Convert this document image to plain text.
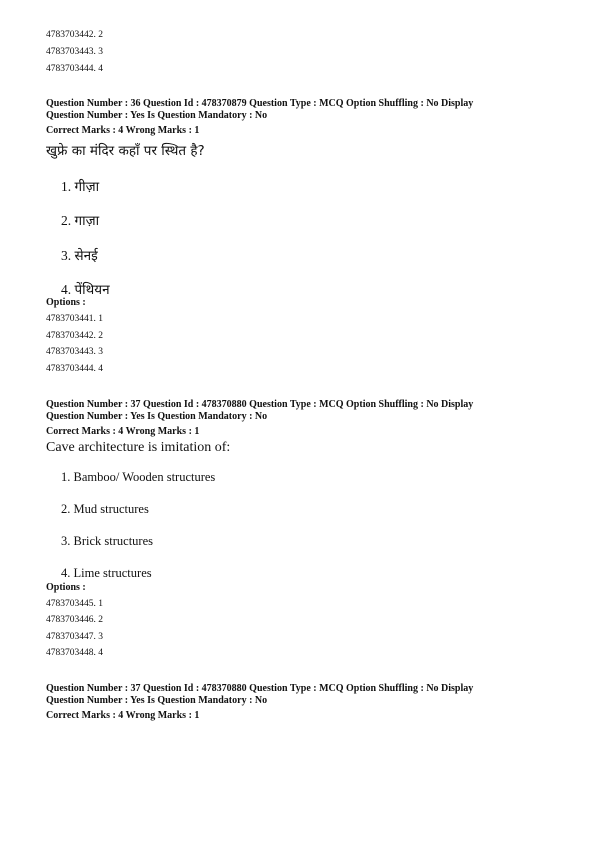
4783703442. 2
4783703443. 3
4783703444. 4
Question Number : 36 Question Id : 478370879 Question Type : MCQ Option Shuffling : No Display
Question Number : Yes Is Question Mandatory : No
Correct Marks : 4 Wrong Marks : 1
खुफ्रे का मंदिर कहाँ पर स्थित है?
1. गीज़ा
2. गाज़ा
3. सेनई
4. पेंथियन
Options :
4783703441. 1
4783703442. 2
4783703443. 3
4783703444. 4
Question Number : 37 Question Id : 478370880 Question Type : MCQ Option Shuffling : No Display
Question Number : Yes Is Question Mandatory : No
Correct Marks : 4 Wrong Marks : 1
Cave architecture is imitation of:
1. Bamboo/ Wooden structures
2. Mud structures
3. Brick structures
4. Lime structures
Options :
4783703445. 1
4783703446. 2
4783703447. 3
4783703448. 4
Question Number : 37 Question Id : 478370880 Question Type : MCQ Option Shuffling : No Display
Question Number : Yes Is Question Mandatory : No
Correct Marks : 4 Wrong Marks : 1
